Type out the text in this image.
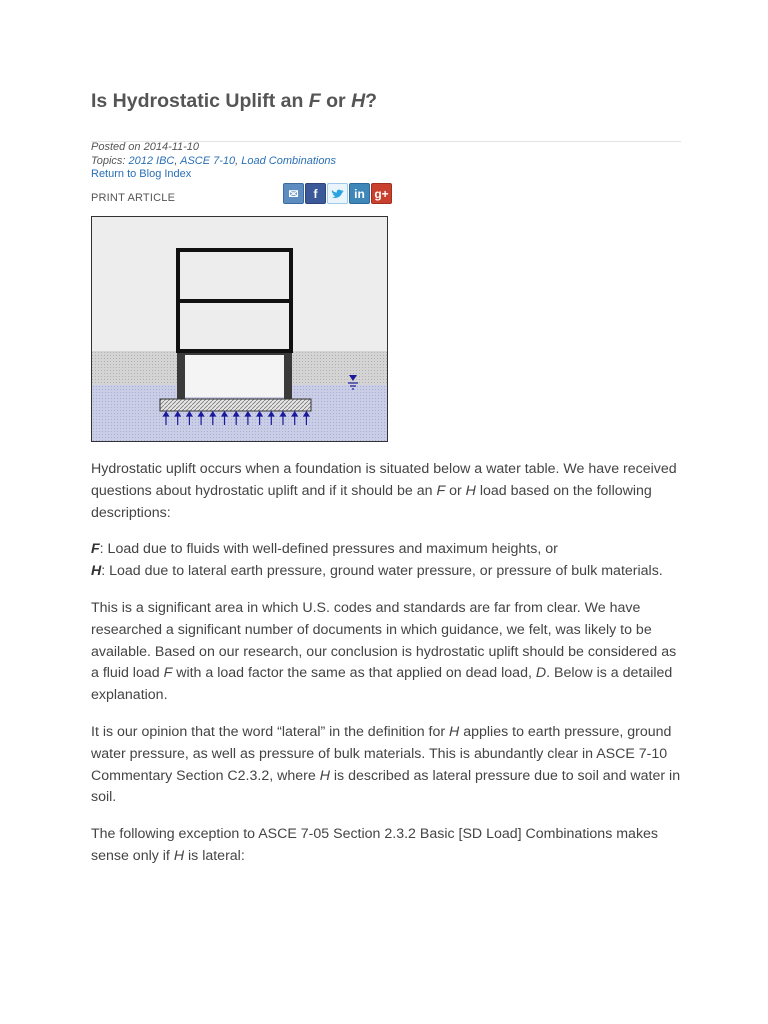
Is Hydrostatic Uplift an F or H?
Posted on 2014-11-10
Topics: 2012 IBC, ASCE 7-10, Load Combinations
Return to Blog Index
PRINT ARTICLE	✉	f	in g+

Hydrostatic uplift occurs when a foundation is situated below a water table. We have received questions about hydrostatic uplift and if it should be an F or H load based on the following descriptions:

F: Load due to fluids with well-defined pressures and maximum heights, or
H: Load due to lateral earth pressure, ground water pressure, or pressure of bulk materials.

This is a significant area in which U.S. codes and standards are far from clear. We have researched a significant number of documents in which guidance, we felt, was likely to be available. Based on our research, our conclusion is hydrostatic uplift should be considered as a fluid load F with a load factor the same as that applied on dead load, D. Below is a detailed explanation.

It is our opinion that the word “lateral” in the definition for H applies to earth pressure, ground water pressure, as well as pressure of bulk materials. This is abundantly clear in ASCE 7-10 Commentary Section C2.3.2, where H is described as lateral pressure due to soil and water in soil.

The following exception to ASCE 7-05 Section 2.3.2 Basic [SD Load] Combinations makes sense only if H is lateral:
